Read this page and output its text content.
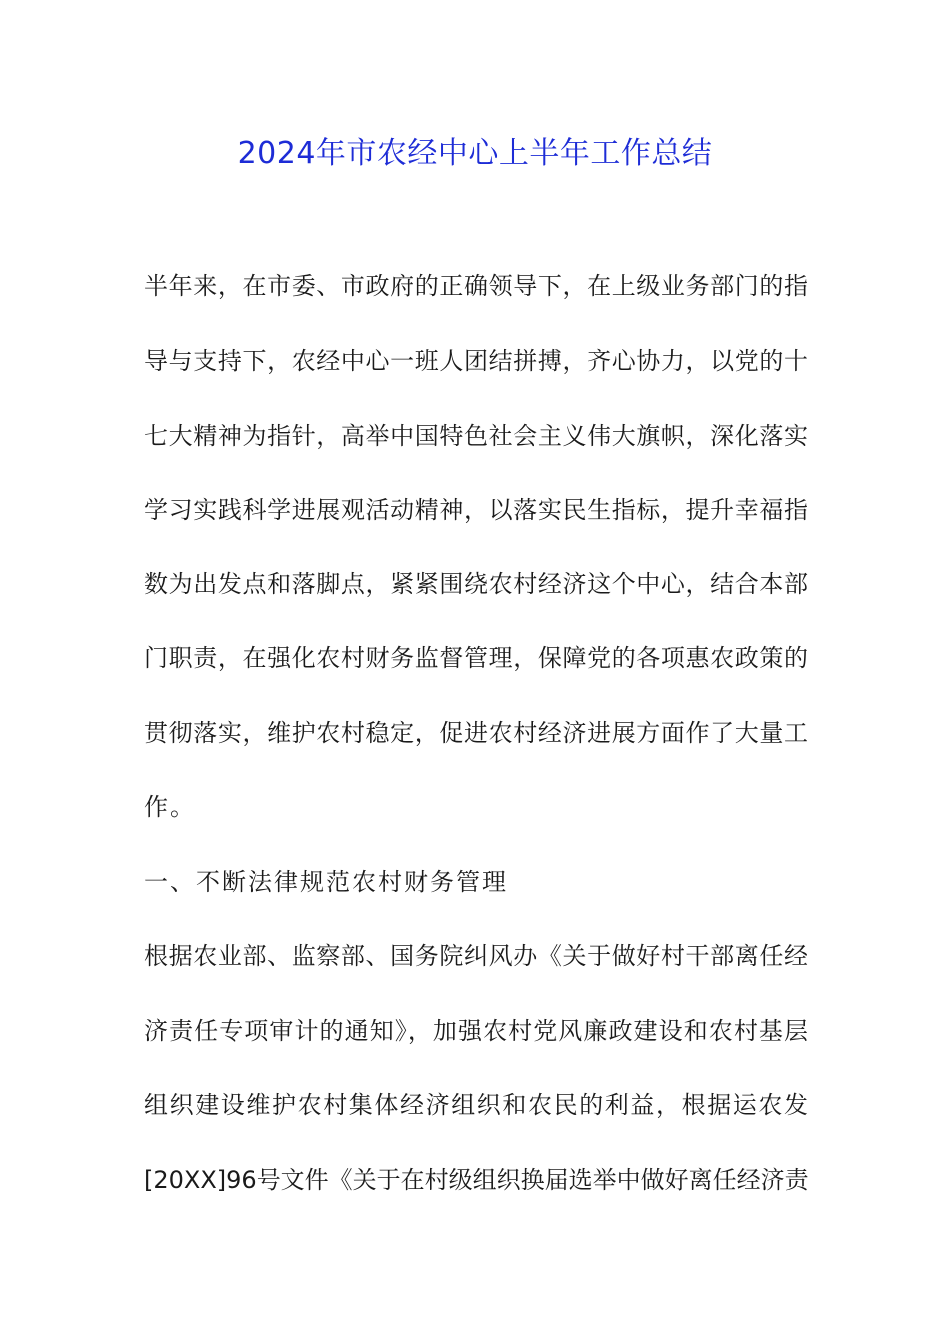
2024年市农经中心上半年工作总结

半年来，在市委、市政府的正确领导下，在上级业务部门的指

导与支持下，农经中心一班人团结拼搏，齐心协力，以党的十

七大精神为指针，高举中国特色社会主义伟大旗帜，深化落实

学习实践科学进展观活动精神，以落实民生指标，提升幸福指

数为出发点和落脚点，紧紧围绕农村经济这个中心，结合本部

门职责，在强化农村财务监督管理，保障党的各项惠农政策的

贯彻落实，维护农村稳定，促进农村经济进展方面作了大量工

作。

一、不断法律规范农村财务管理

根据农业部、监察部、国务院纠风办《关于做好村干部离任经

济责任专项审计的通知》，加强农村党风廉政建设和农村基层

组织建设维护农村集体经济组织和农民的利益，根据运农发

[20XX]96号文件《关于在村级组织换届选举中做好离任经济责
